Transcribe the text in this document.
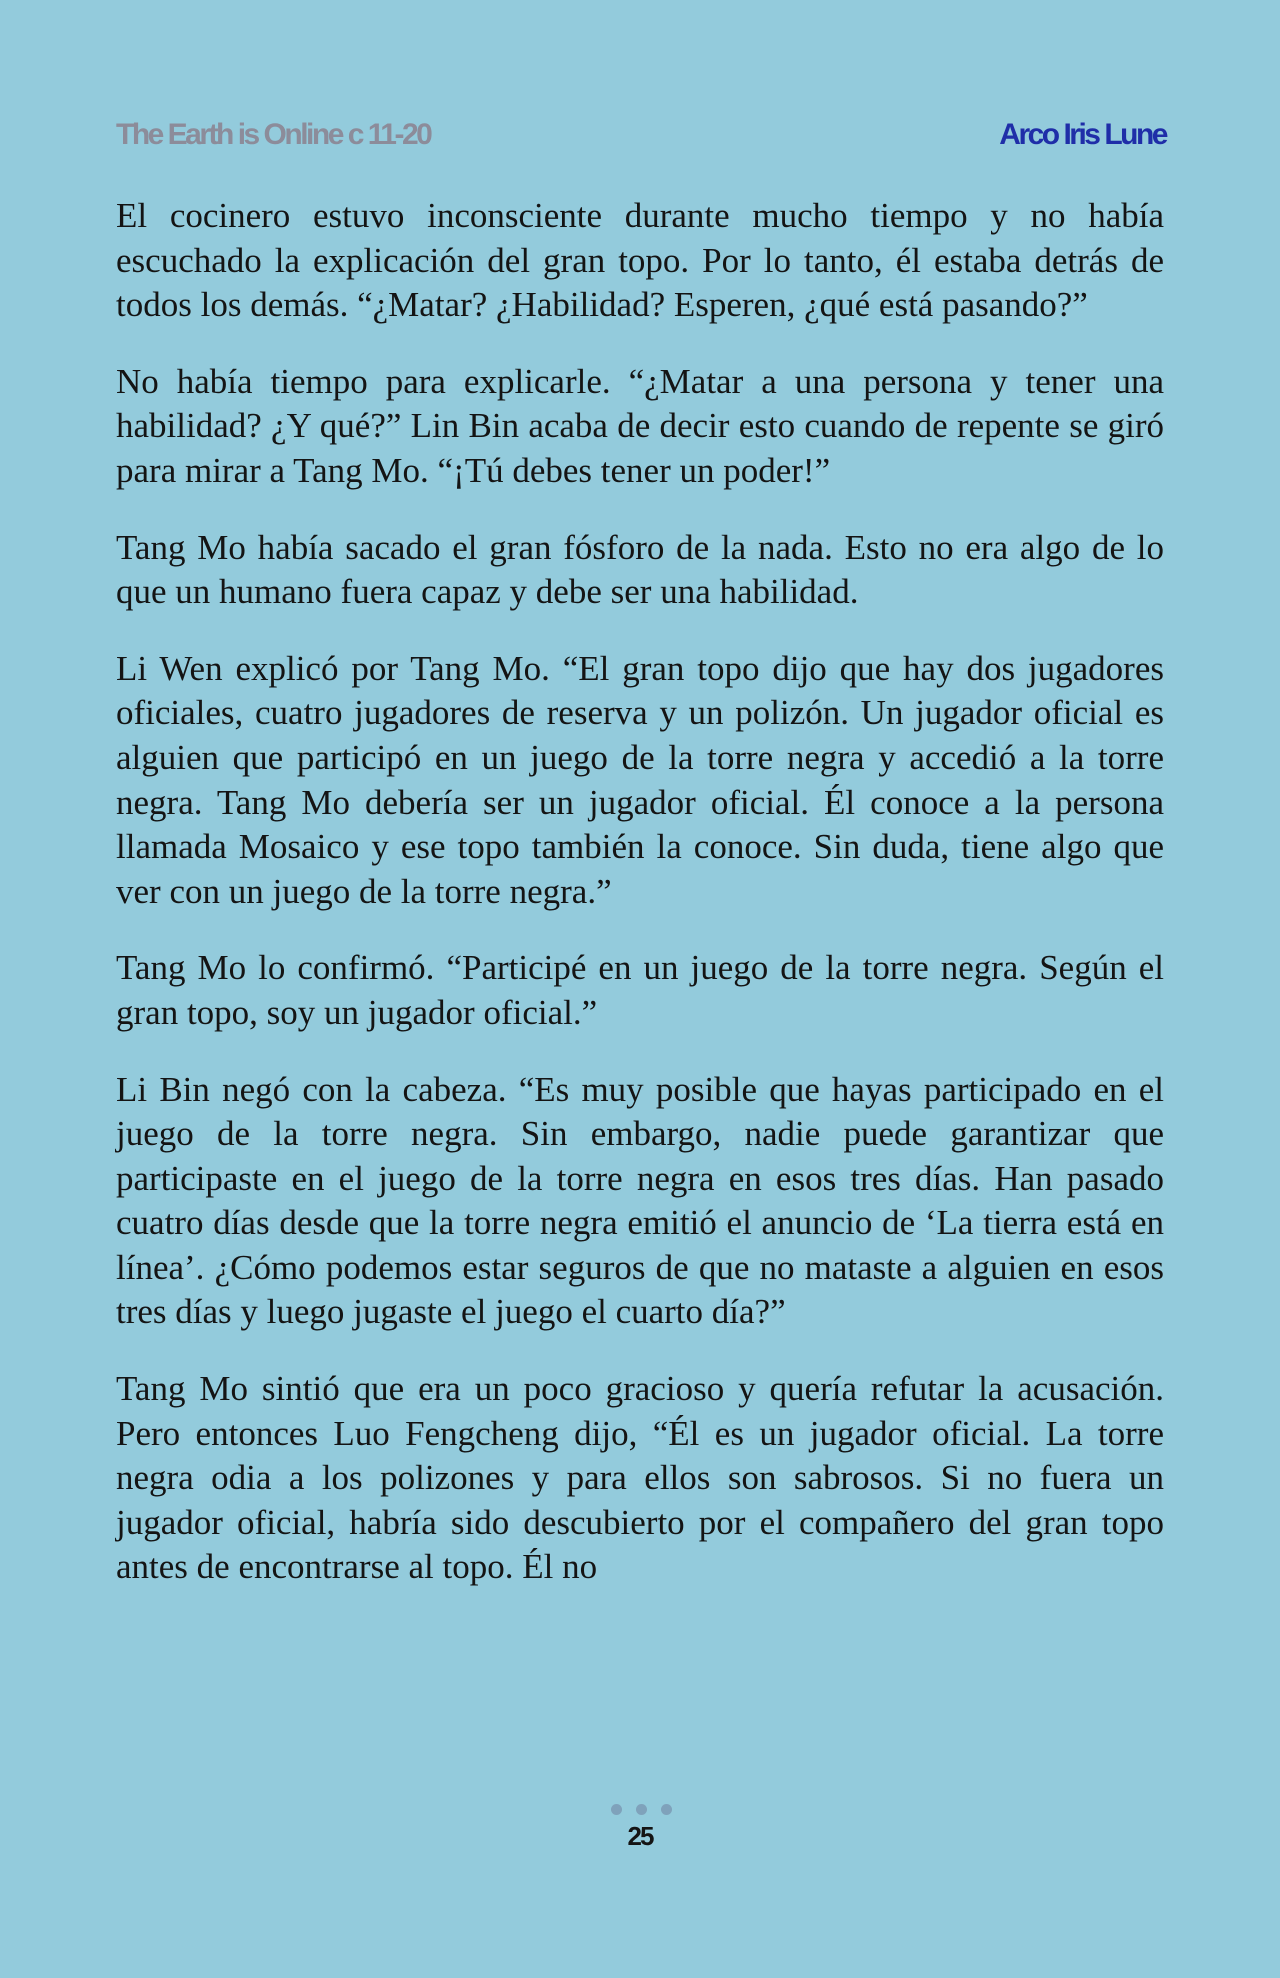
The Earth is Online c 11-20	Arco Iris Lune

El cocinero estuvo inconsciente durante mucho tiempo y no había escuchado la explicación del gran topo. Por lo tanto, él estaba detrás de todos los demás. “¿Matar? ¿Habilidad? Esperen, ¿qué está pasando?”

No había tiempo para explicarle. “¿Matar a una persona y tener una habilidad? ¿Y qué?” Lin Bin acaba de decir esto cuando de repente se giró para mirar a Tang Mo. “¡Tú debes tener un poder!”

Tang Mo había sacado el gran fósforo de la nada. Esto no era algo de lo que un humano fuera capaz y debe ser una habilidad.

Li Wen explicó por Tang Mo. “El gran topo dijo que hay dos jugadores oficiales, cuatro jugadores de reserva y un polizón. Un jugador oficial es alguien que participó en un juego de la torre negra y accedió a la torre negra. Tang Mo debería ser un jugador oficial. Él conoce a la persona llamada Mosaico y ese topo también la conoce. Sin duda, tiene algo que ver con un juego de la torre negra.”

Tang Mo lo confirmó. “Participé en un juego de la torre negra. Según el gran topo, soy un jugador oficial.”

Li Bin negó con la cabeza. “Es muy posible que hayas participado en el juego de la torre negra. Sin embargo, nadie puede garantizar que participaste en el juego de la torre negra en esos tres días. Han pasado cuatro días desde que la torre negra emitió el anuncio de ‘La tierra está en línea’. ¿Cómo podemos estar seguros de que no mataste a alguien en esos tres días y luego jugaste el juego el cuarto día?”

Tang Mo sintió que era un poco gracioso y quería refutar la acusación. Pero entonces Luo Fengcheng dijo, “Él es un jugador oficial. La torre negra odia a los polizones y para ellos son sabrosos. Si no fuera un jugador oficial, habría sido descubierto por el compañero del gran topo antes de encontrarse al topo. Él no

25
